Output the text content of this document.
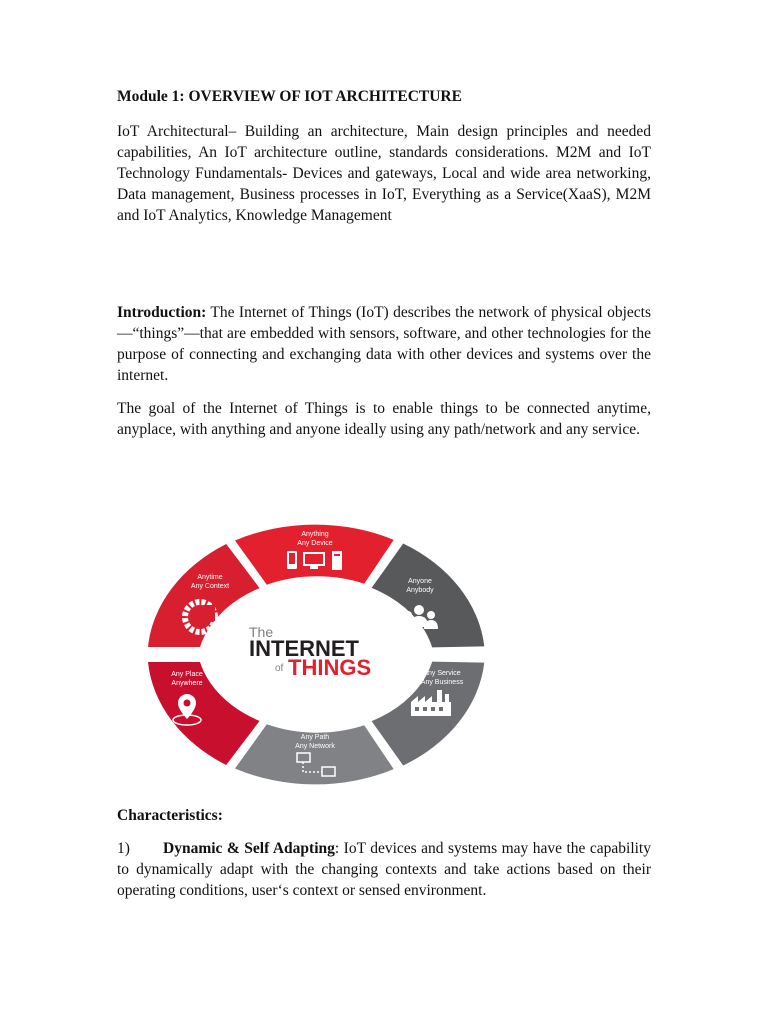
Module 1: OVERVIEW OF IOT ARCHITECTURE

IoT Architectural– Building an architecture, Main design principles and needed capabilities, An IoT architecture outline, standards considerations. M2M and IoT Technology Fundamentals- Devices and gateways, Local and wide area networking, Data management, Business processes in IoT, Everything as a Service(XaaS), M2M and IoT Analytics, Knowledge Management

Introduction: The Internet of Things (IoT) describes the network of physical objects—“things”—that are embedded with sensors, software, and other technologies for the purpose of connecting and exchanging data with other devices and systems over the internet.

The goal of the Internet of Things is to enable things to be connected anytime, anyplace, with anything and anyone ideally using any path/network and any service.

Anything
Any Device
Anyone
Anybody
Any Service
Any Business
Any Path
Any Network
Any Place
Anywhere
Anytime
Any Context
The
INTERNET
of THINGS
Characteristics:

1) Dynamic & Self Adapting: IoT devices and systems may have the capability to dynamically adapt with the changing contexts and take actions based on their operating conditions, user‘s context or sensed environment.
